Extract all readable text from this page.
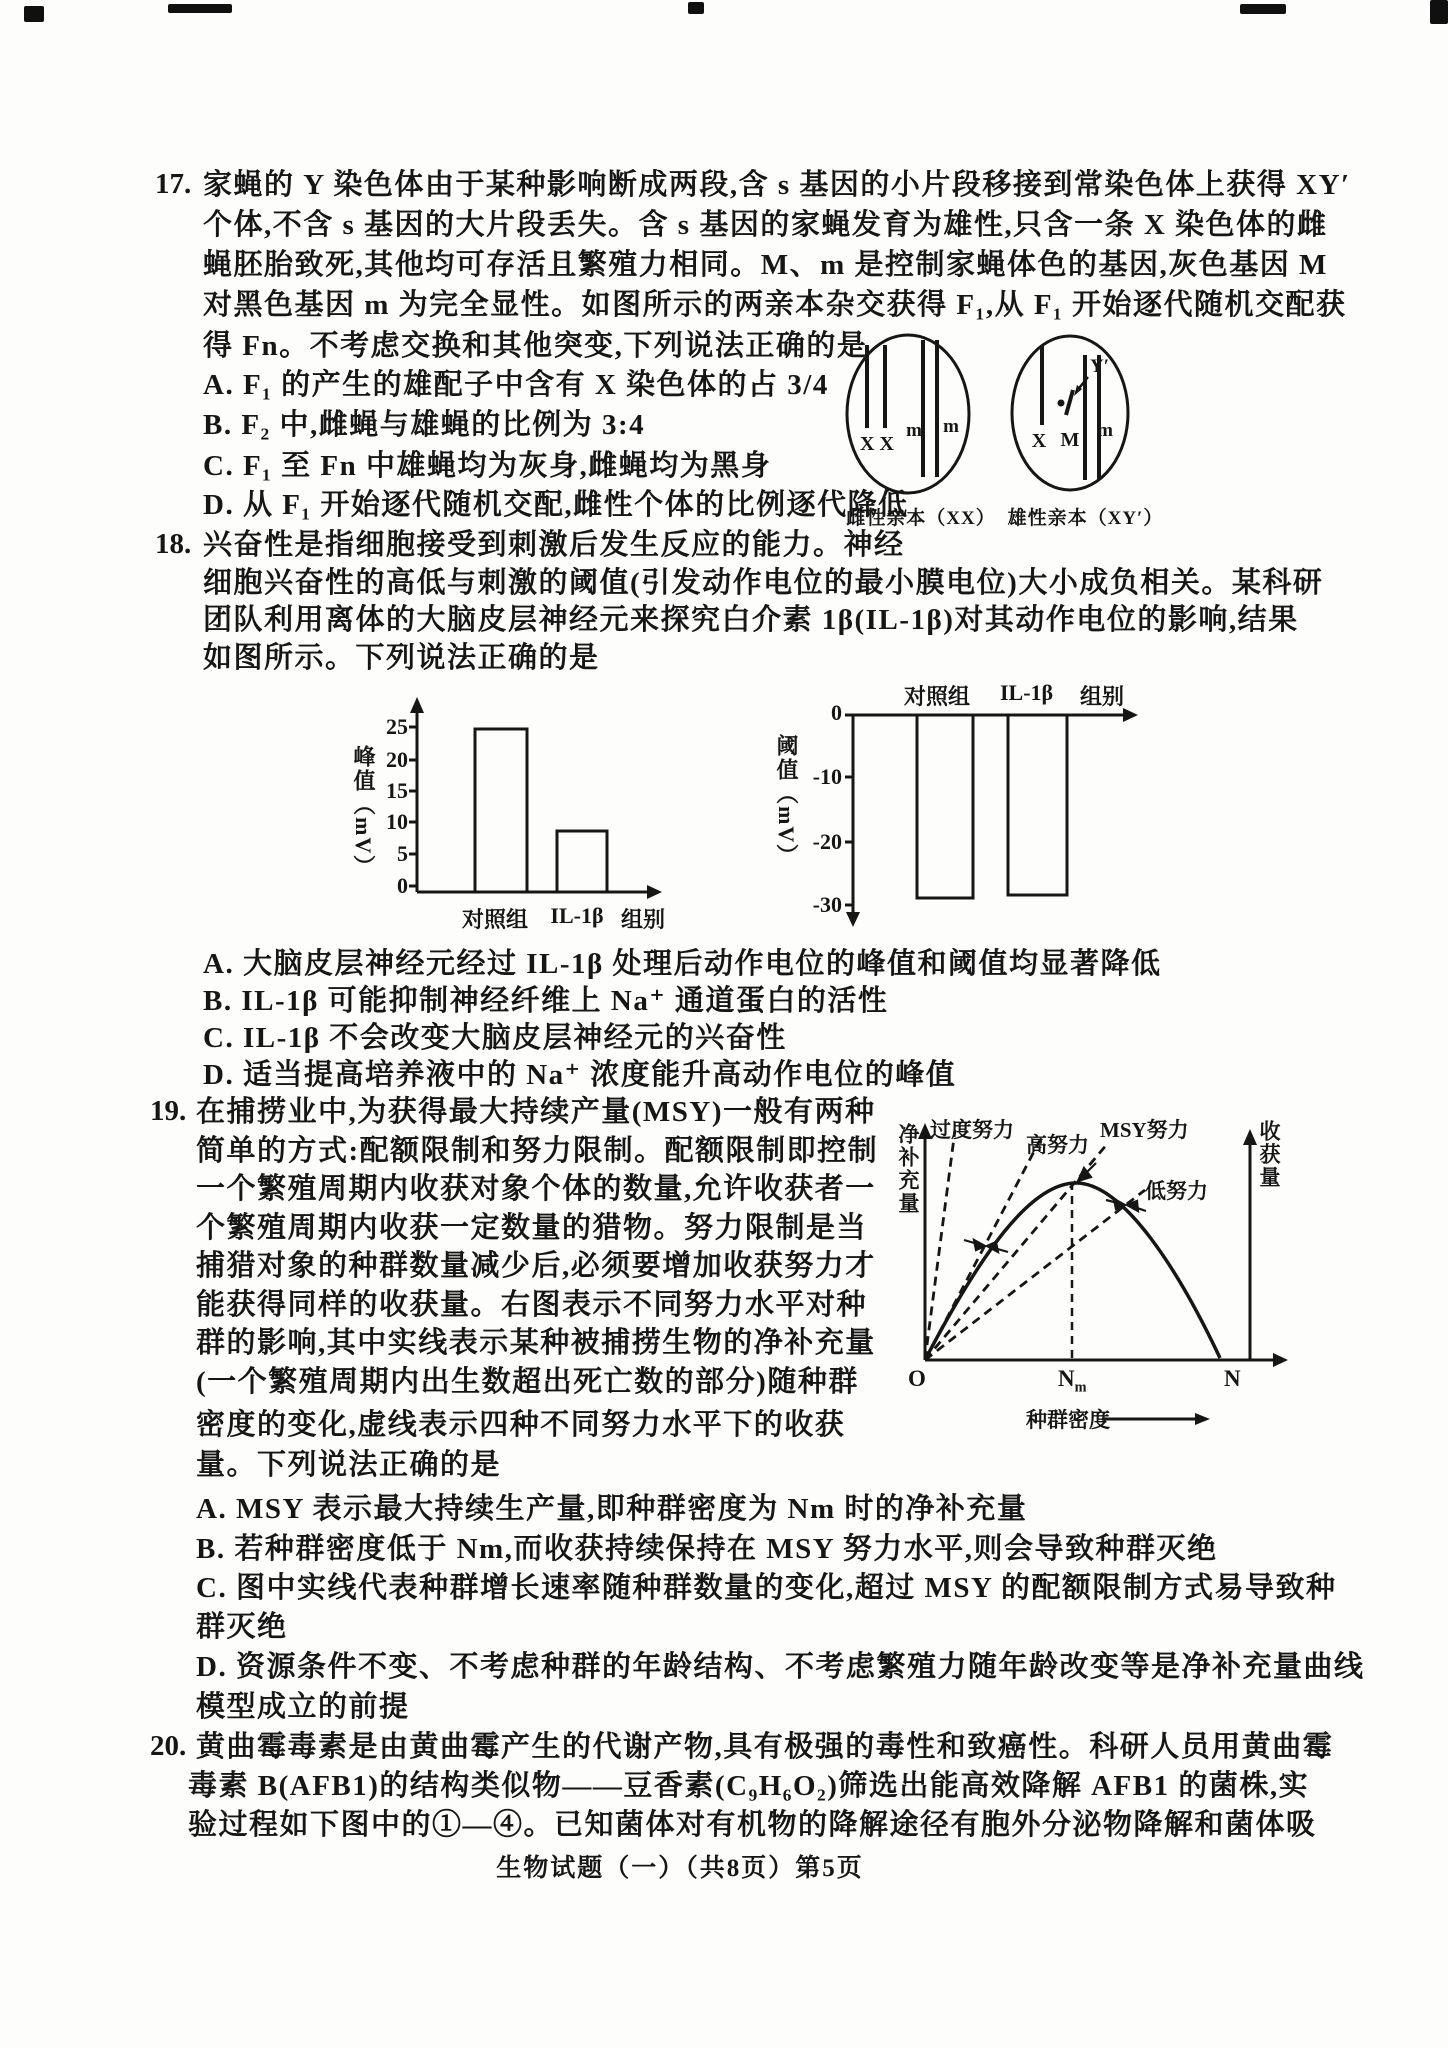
17. 家蝇的 Y 染色体由于某种影响断成两段,含 s 基因的小片段移接到常染色体上获得 XY′
个体,不含 s 基因的大片段丢失。含 s 基因的家蝇发育为雄性,只含一条 X 染色体的雌
蝇胚胎致死,其他均可存活且繁殖力相同。M、m 是控制家蝇体色的基因,灰色基因 M
对黑色基因 m 为完全显性。如图所示的两亲本杂交获得 F₁,从 F₁ 开始逐代随机交配获
得 Fn。不考虑交换和其他突变,下列说法正确的是
A. F₁ 的产生的雄配子中含有 X 染色体的占 3/4
B. F₂ 中,雌蝇与雄蝇的比例为 3:4
C. F₁ 至 Fn 中雄蝇均为灰身,雌蝇均为黑身
D. 从 F₁ 开始逐代随机交配,雌性个体的比例逐代降低
X X
m m
X M m
Y′
雌性亲本（XX） 雄性亲本（XY′）
18. 兴奋性是指细胞接受到刺激后发生反应的能力。神经
细胞兴奋性的高低与刺激的阈值(引发动作电位的最小膜电位)大小成负相关。某科研
团队利用离体的大脑皮层神经元来探究白介素 1β(IL-1β)对其动作电位的影响,结果
如图所示。下列说法正确的是
25
20
15
10
5
0
峰值（mV）
对照组	IL-1β 组别
0
-10
-20
-30
阈值（mV）
对照组 IL-1β 组别
A. 大脑皮层神经元经过 IL-1β 处理后动作电位的峰值和阈值均显著降低
B. IL-1β 可能抑制神经纤维上 Na⁺ 通道蛋白的活性
C. IL-1β 不会改变大脑皮层神经元的兴奋性
D. 适当提高培养液中的 Na⁺ 浓度能升高动作电位的峰值
19. 在捕捞业中,为获得最大持续产量(MSY)一般有两种
简单的方式:配额限制和努力限制。配额限制即控制
一个繁殖周期内收获对象个体的数量,允许收获者一
个繁殖周期内收获一定数量的猎物。努力限制是当
捕猎对象的种群数量减少后,必须要增加收获努力才
能获得同样的收获量。右图表示不同努力水平对种
群的影响,其中实线表示某种被捕捞生物的净补充量
(一个繁殖周期内出生数超出死亡数的部分)随种群
密度的变化,虚线表示四种不同努力水平下的收获
量。下列说法正确的是
净补充量	收获量
过度努力
高努力
MSY努力
低努力
O	$N_m$	N
种群密度
A. MSY 表示最大持续生产量,即种群密度为 Nm 时的净补充量
B. 若种群密度低于 Nm,而收获持续保持在 MSY 努力水平,则会导致种群灭绝
C. 图中实线代表种群增长速率随种群数量的变化,超过 MSY 的配额限制方式易导致种
群灭绝
D. 资源条件不变、不考虑种群的年龄结构、不考虑繁殖力随年龄改变等是净补充量曲线
模型成立的前提
20. 黄曲霉毒素是由黄曲霉产生的代谢产物,具有极强的毒性和致癌性。科研人员用黄曲霉
毒素 B(AFB1)的结构类似物——豆香素(C₉H₆O₂)筛选出能高效降解 AFB1 的菌株,实
验过程如下图中的①—④。已知菌体对有机物的降解途径有胞外分泌物降解和菌体吸
生物试题（一）（共8页）第5页
